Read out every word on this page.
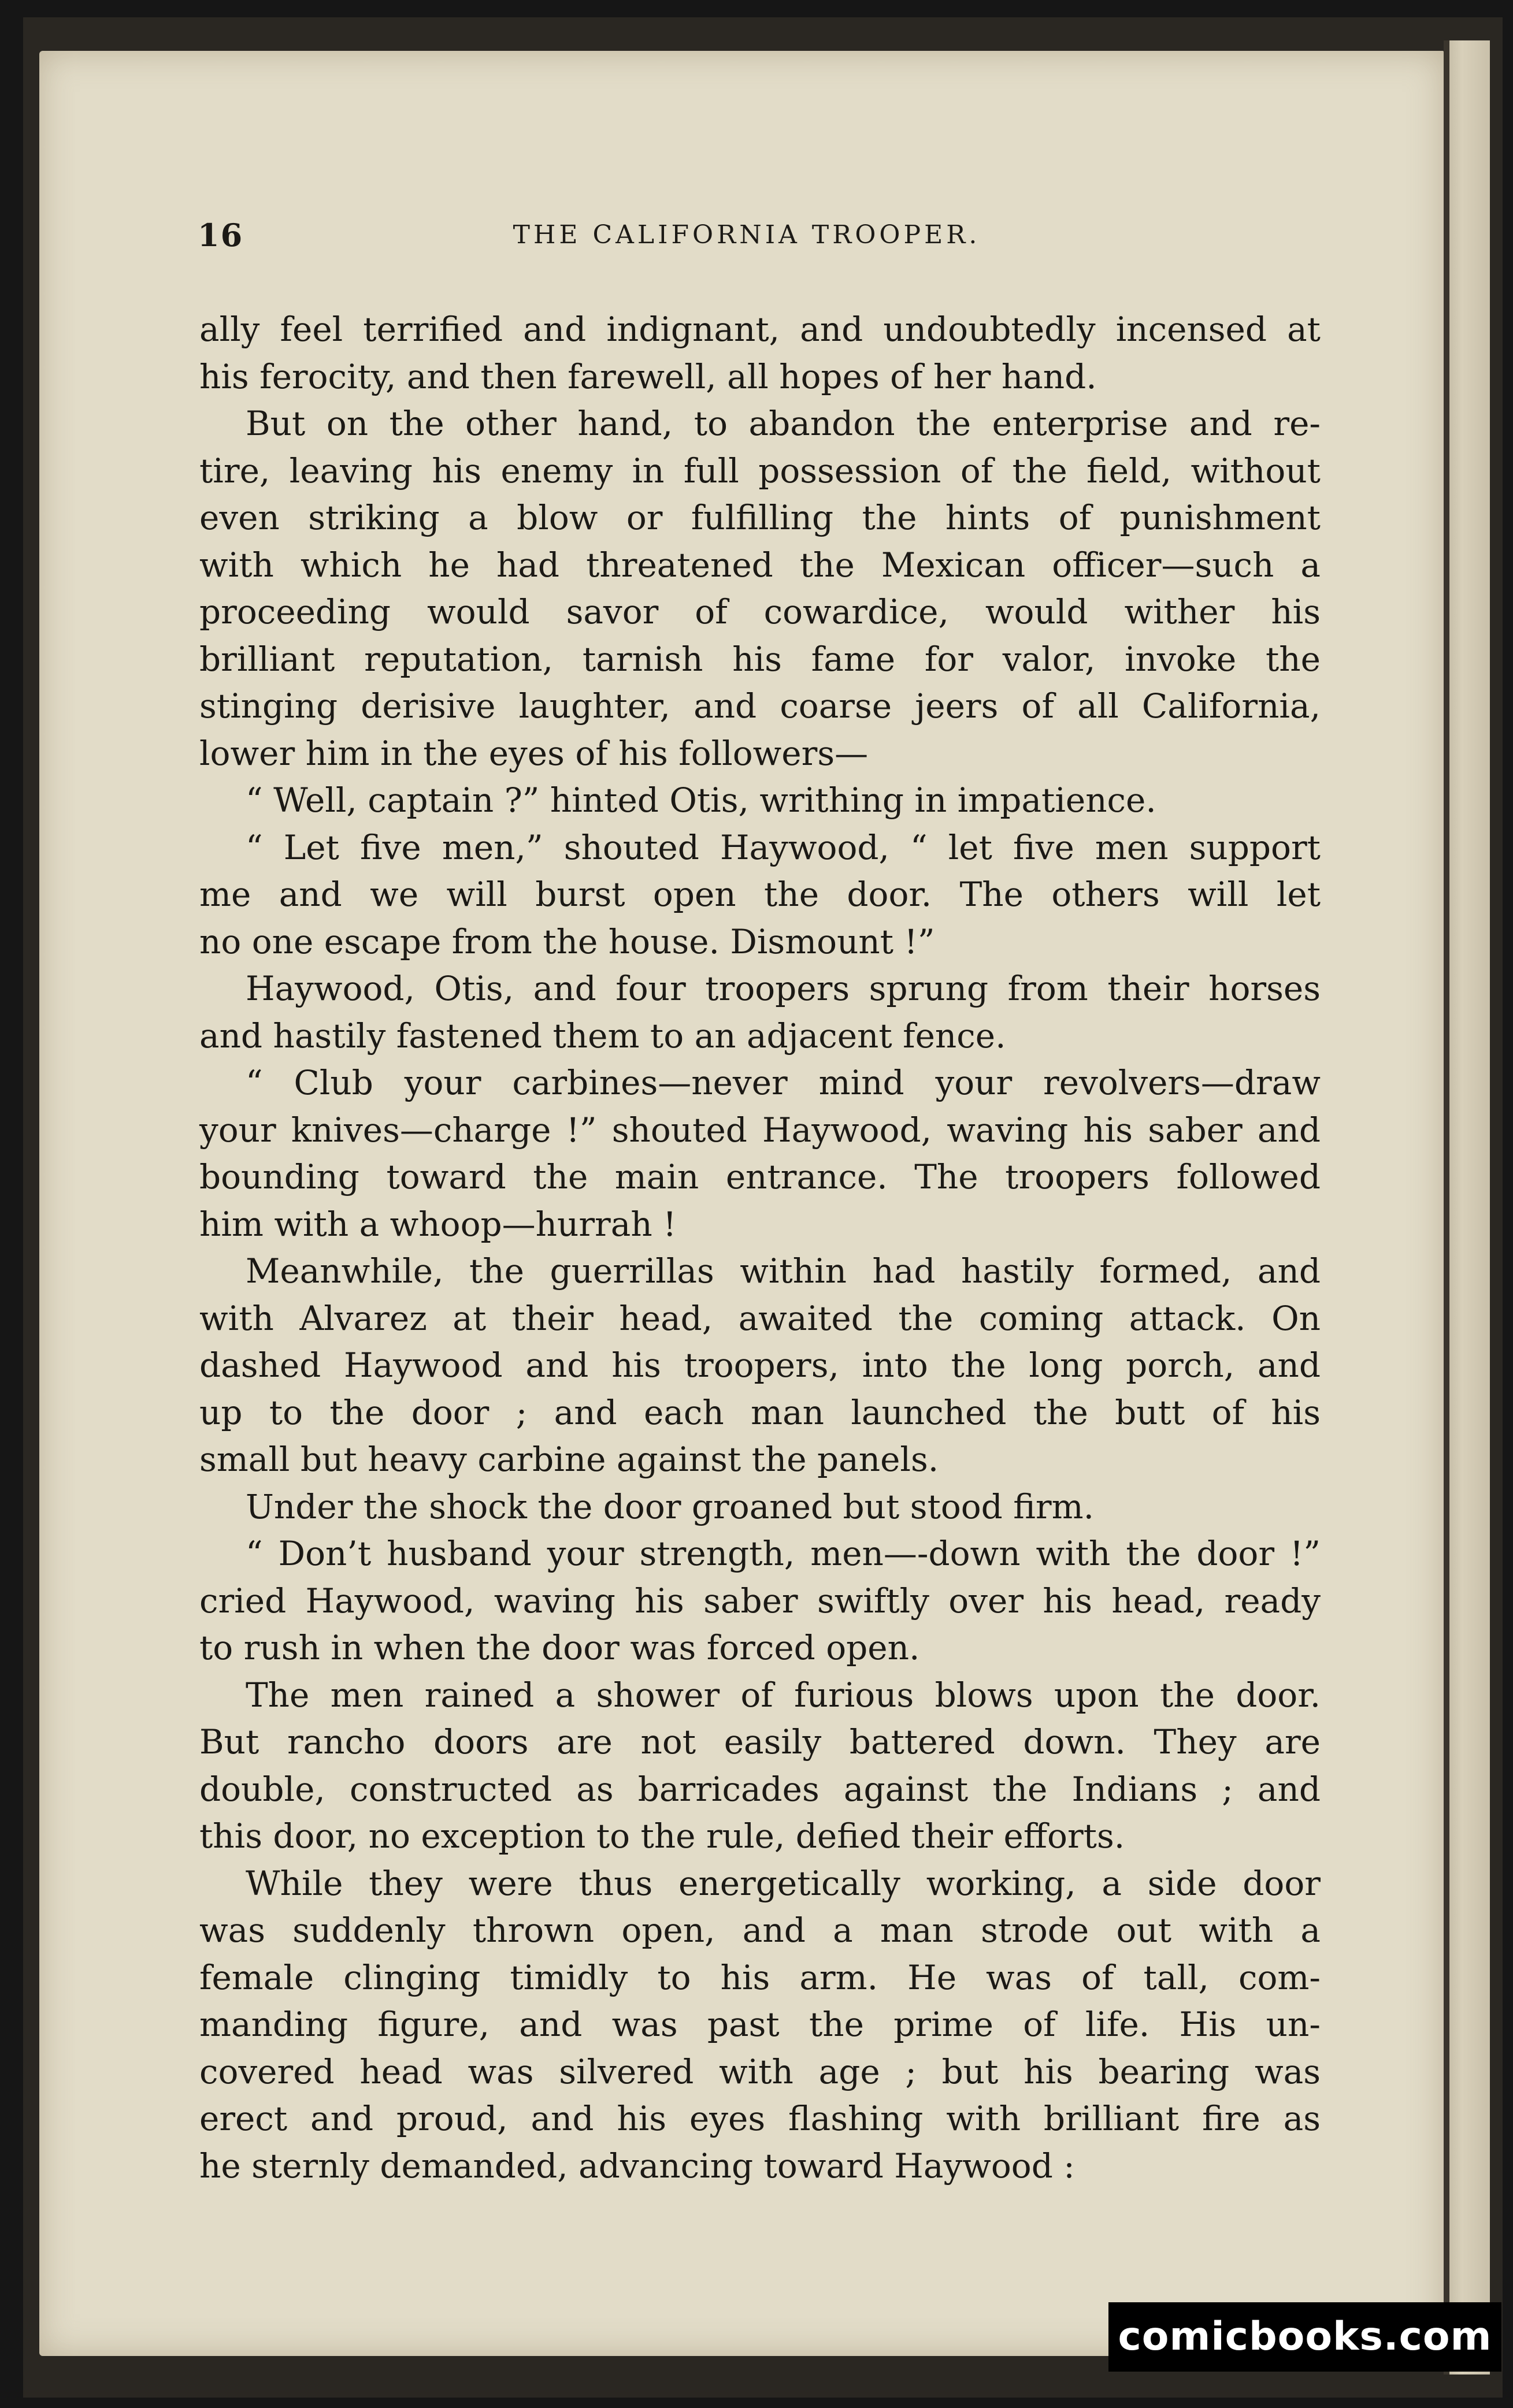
16	THE CALIFORNIA TROOPER.
ally feel terrified and indignant, and undoubtedly incensed at
his ferocity, and then farewell, all hopes of her hand.
But on the other hand, to abandon the enterprise and re-
tire, leaving his enemy in full possession of the field, without
even striking a blow or fulfilling the hints of punishment
with which he had threatened the Mexican officer—such a
proceeding would savor of cowardice, would wither his
brilliant reputation, tarnish his fame for valor, invoke the
stinging derisive laughter, and coarse jeers of all California,
lower him in the eyes of his followers—
“ Well, captain ?” hinted Otis, writhing in impatience.
“ Let five men,” shouted Haywood, “ let five men support
me and we will burst open the door. The others will let
no one escape from the house. Dismount !”
Haywood, Otis, and four troopers sprung from their horses
and hastily fastened them to an adjacent fence.
“ Club your carbines—never mind your revolvers—draw
your knives—charge !” shouted Haywood, waving his saber and
bounding toward the main entrance. The troopers followed
him with a whoop—hurrah !
Meanwhile, the guerrillas within had hastily formed, and
with Alvarez at their head, awaited the coming attack. On
dashed Haywood and his troopers, into the long porch, and
up to the door ; and each man launched the butt of his
small but heavy carbine against the panels.
Under the shock the door groaned but stood firm.
“ Don’t husband your strength, men—-down with the door !”
cried Haywood, waving his saber swiftly over his head, ready
to rush in when the door was forced open.
The men rained a shower of furious blows upon the door.
But rancho doors are not easily battered down. They are
double, constructed as barricades against the Indians ; and
this door, no exception to the rule, defied their efforts.
While they were thus energetically working, a side door
was suddenly thrown open, and a man strode out with a
female clinging timidly to his arm. He was of tall, com-
manding figure, and was past the prime of life. His un-
covered head was silvered with age ; but his bearing was
erect and proud, and his eyes flashing with brilliant fire as
he sternly demanded, advancing toward Haywood :
comicbooks.com
